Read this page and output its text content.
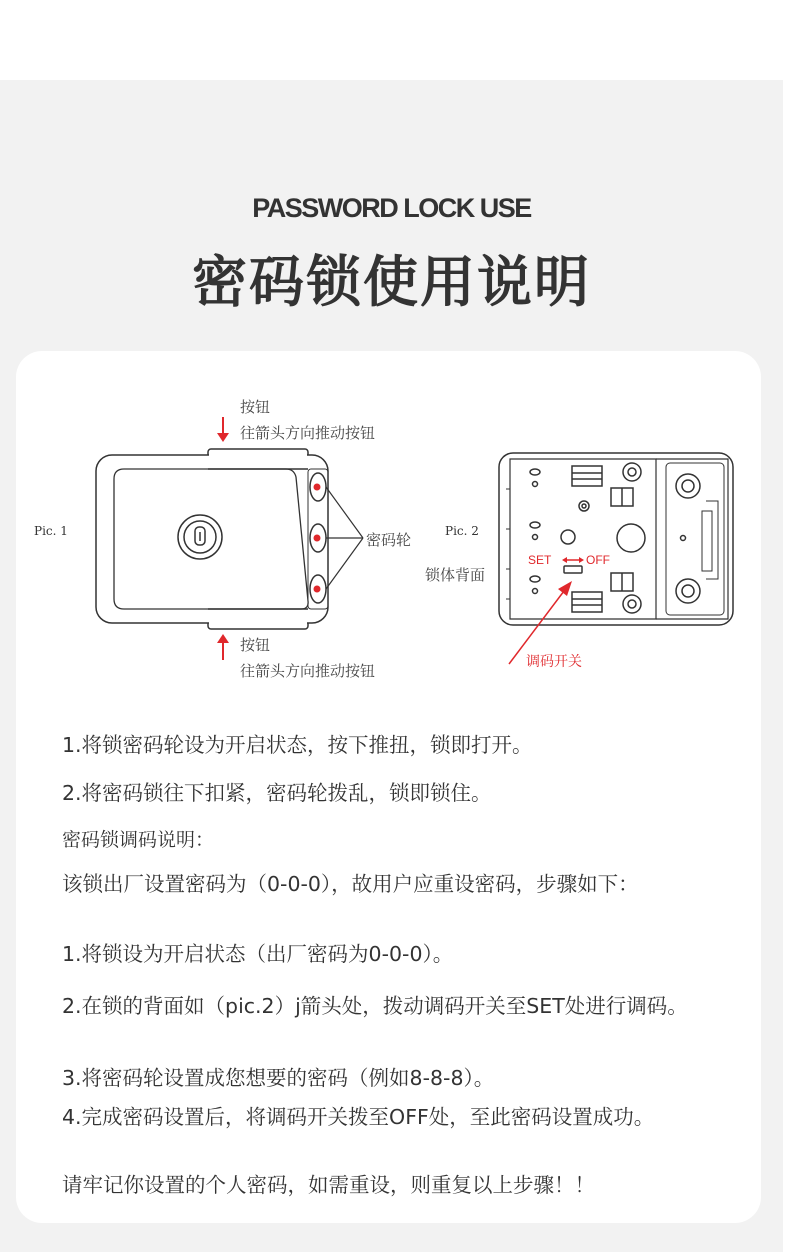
PASSWORD LOCK USE
密码锁使用说明
SET	OFF
按钮
往箭头方向推动按钮
Pic. 1	密码轮
按钮
往箭头方向推动按钮
Pic. 2
锁体背面
调码开关
1.将锁密码轮设为开启状态，按下推扭，锁即打开。
2.将密码锁往下扣紧，密码轮拨乱，锁即锁住。
密码锁调码说明：
该锁出厂设置密码为（0-0-0），故用户应重设密码，步骤如下：
1.将锁设为开启状态（出厂密码为0-0-0）。
2.在锁的背面如（pic.2）j箭头处，拨动调码开关至SET处进行调码。
3.将密码轮设置成您想要的密码（例如8-8-8）。
4.完成密码设置后，将调码开关拨至OFF处，至此密码设置成功。
请牢记你设置的个人密码，如需重设，则重复以上步骤！！
